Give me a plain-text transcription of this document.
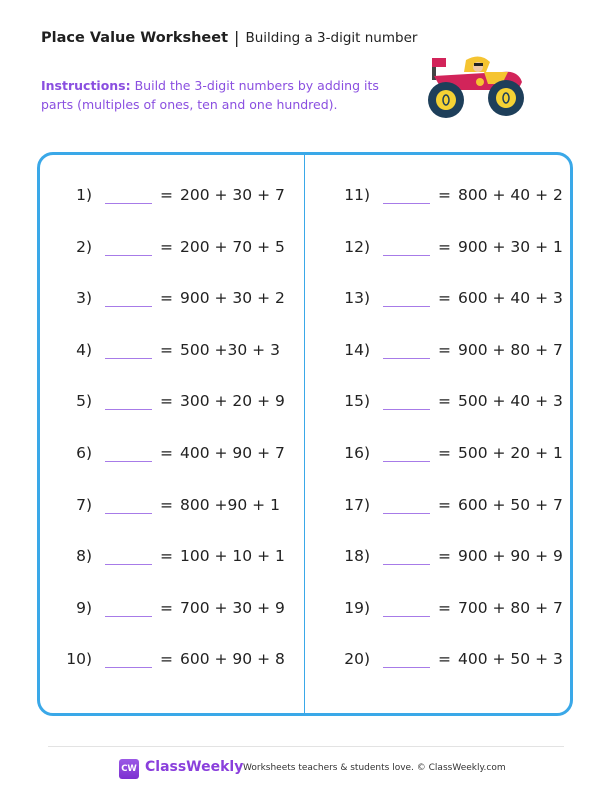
Place Value Worksheet | Building a 3-digit number
Instructions: Build the 3-digit numbers by adding its parts (multiples of ones, ten and one hundred).
1)	= 200 + 30 + 7
2)	= 200 + 70 + 5
3)	= 900 + 30 + 2
4)	= 500 +30 + 3
5)	= 300 + 20 + 9
6)	= 400 + 90 + 7
7)	= 800 +90 + 1
8)	= 100 + 10 + 1
9)	= 700 + 30 + 9
10)	= 600 + 90 + 8
11)	= 800 + 40 + 2
12)	= 900 + 30 + 1
13)	= 600 + 40 + 3
14)	= 900 + 80 + 7
15)	= 500 + 40 + 3
16)	= 500 + 20 + 1
17)	= 600 + 50 + 7
18)	= 900 + 90 + 9
19)	= 700 + 80 + 7
20)	= 400 + 50 + 3
CW ClassWeekly Worksheets teachers & students love. © ClassWeekly.com
